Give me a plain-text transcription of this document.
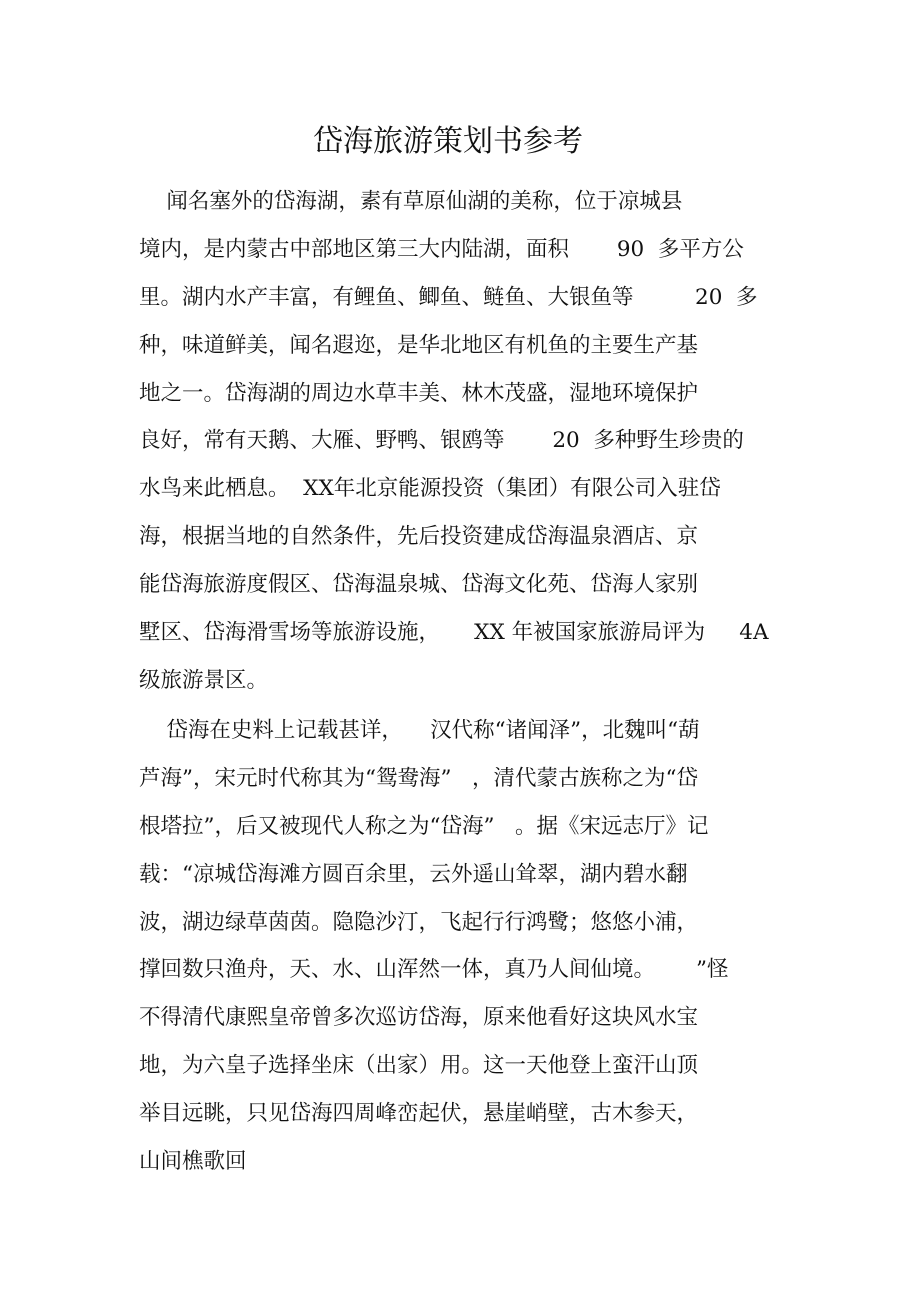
岱海旅游策划书参考
闻名塞外的岱海湖，素有草原仙湖的美称，位于凉城县
境内，是内蒙古中部地区第三大内陆湖，面积       90  多平方公
里。湖内水产丰富，有鲤鱼、鲫鱼、鲢鱼、大银鱼等         20  多
种，味道鲜美，闻名遐迩，是华北地区有机鱼的主要生产基
地之一。岱海湖的周边水草丰美、林木茂盛，湿地环境保护
良好，常有天鹅、大雁、野鸭、银鸥等       20  多种野生珍贵的
水鸟来此栖息。  XX年北京能源投资（集团）有限公司入驻岱
海，根据当地的自然条件，先后投资建成岱海温泉酒店、京
能岱海旅游度假区、岱海温泉城、岱海文化苑、岱海人家别
墅区、岱海滑雪场等旅游设施，     XX 年被国家旅游局评为     4A
级旅游景区。
岱海在史料上记载甚详，    汉代称“诸闻泽”，北魏叫“葫
芦海”，宋元时代称其为“鸳鸯海”   ，清代蒙古族称之为“岱
根塔拉”，后又被现代人称之为“岱海”   。据《宋远志厅》记
载：“凉城岱海滩方圆百余里，云外遥山耸翠，湖内碧水翻
波，湖边绿草茵茵。隐隐沙汀，飞起行行鸿鹭；悠悠小浦，
撑回数只渔舟，天、水、山浑然一体，真乃人间仙境。      ”怪
不得清代康熙皇帝曾多次巡访岱海，原来他看好这块风水宝
地，为六皇子选择坐床（出家）用。这一天他登上蛮汗山顶
举目远眺，只见岱海四周峰峦起伏，悬崖峭壁，古木参天，
山间樵歌回
